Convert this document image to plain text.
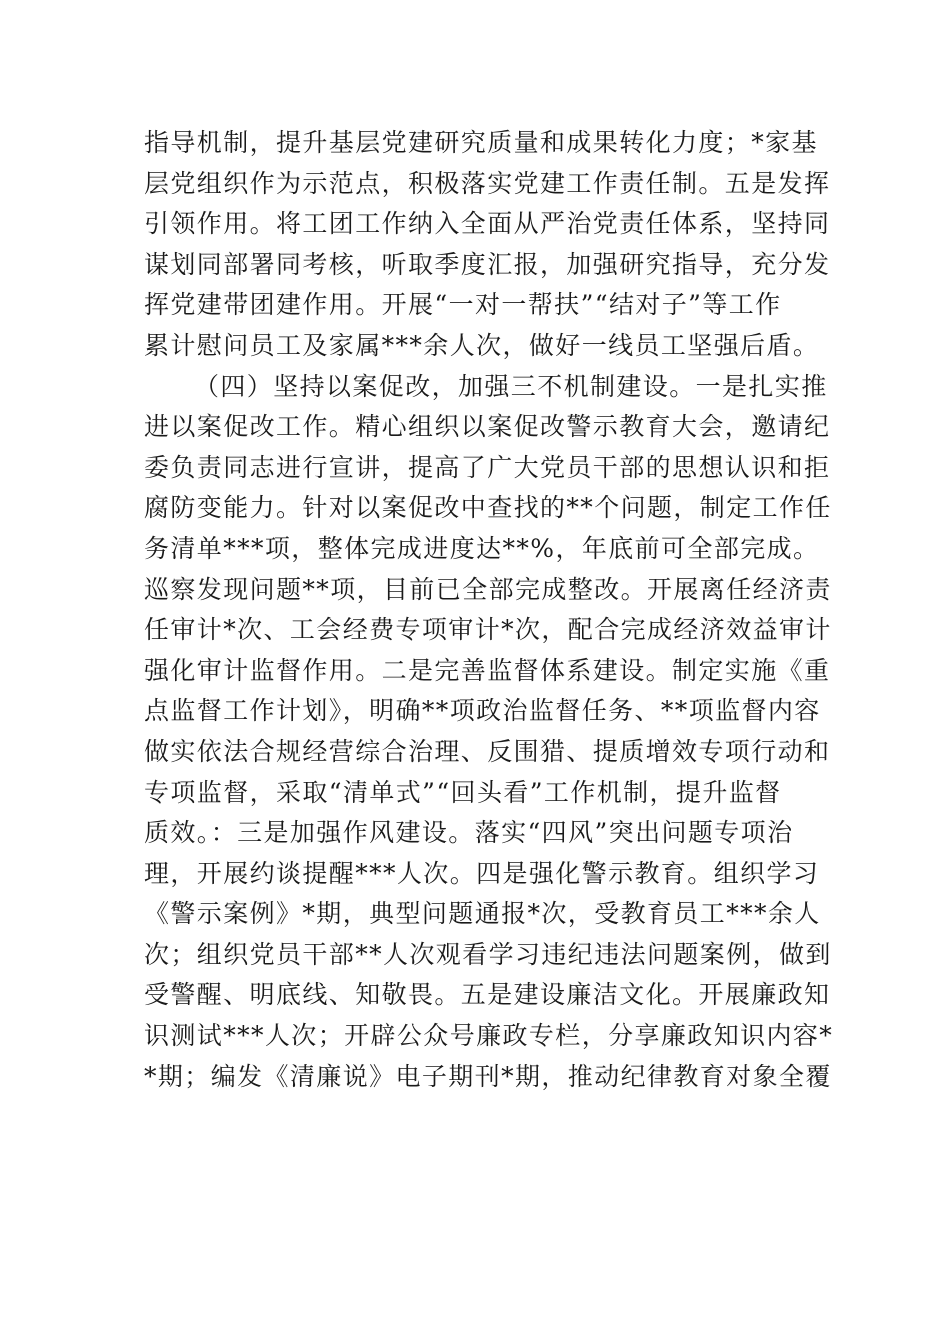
指导机制，提升基层党建研究质量和成果转化力度；*家基
层党组织作为示范点，积极落实党建工作责任制。五是发挥
引领作用。将工团工作纳入全面从严治党责任体系，坚持同
谋划同部署同考核，听取季度汇报，加强研究指导，充分发
挥党建带团建作用。开展“一对一帮扶”“结对子”等工作
累计慰问员工及家属***余人次，做好一线员工坚强后盾。
（四）坚持以案促改，加强三不机制建设。一是扎实推
进以案促改工作。精心组织以案促改警示教育大会，邀请纪
委负责同志进行宣讲，提高了广大党员干部的思想认识和拒
腐防变能力。针对以案促改中查找的**个问题，制定工作任
务清单***项，整体完成进度达**%，年底前可全部完成。
巡察发现问题**项，目前已全部完成整改。开展离任经济责
任审计*次、工会经费专项审计*次，配合完成经济效益审计
强化审计监督作用。二是完善监督体系建设。制定实施《重
点监督工作计划》，明确**项政治监督任务、**项监督内容
做实依法合规经营综合治理、反围猎、提质增效专项行动和
专项监督，采取“清单式”“回头看”工作机制，提升监督
质效。：三是加强作风建设。落实“四风”突出问题专项治
理，开展约谈提醒***人次。四是强化警示教育。组织学习
《警示案例》*期，典型问题通报*次，受教育员工***余人
次；组织党员干部**人次观看学习违纪违法问题案例，做到
受警醒、明底线、知敬畏。五是建设廉洁文化。开展廉政知
识测试***人次；开辟公众号廉政专栏，分享廉政知识内容*
*期；编发《清廉说》电子期刊*期，推动纪律教育对象全覆
